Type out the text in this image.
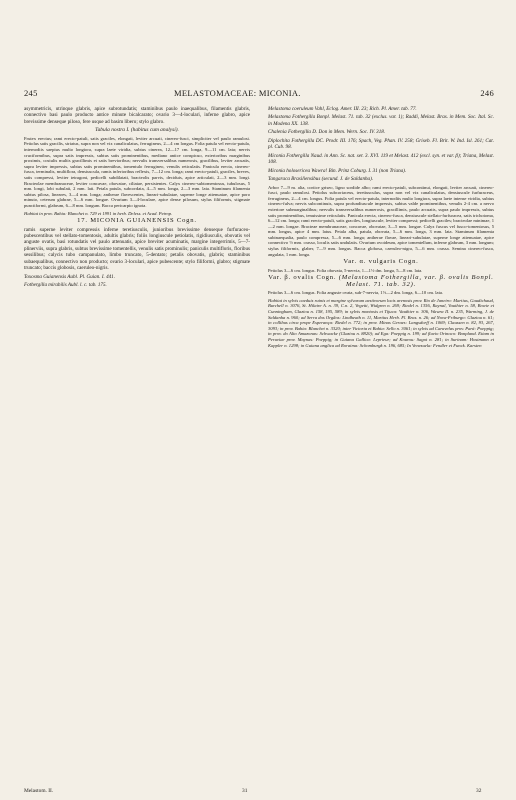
245	MELASTOMACEAE: MICONIA.	246

asymmetricis, utrinque glabris, apice subrotundatis; staminibus paulo inaequalibus, filamentis glabris, connectivo basi paulo producto antice minute bicalcarato; ovario 3—4-loculari, inferne glabro, apice brevissime denseque piloso, fere usque ad basim libero; stylo glabro.

Tabula nostra I. (habitus cum analysi).

Frutex erectus; rami erecto-patuli, satis graciles, elongati, leviter arcuati, cinereo-fusci, simpliciter vel paulo ramulosi. Petiolus satis gracilis, striatus, supra non vel vix canaliculatus, ferrugineus, 2—4 cm longus. Folia patula vel erecto-patula, internodiis saepius multo longiora, supra laete viridia, subtus cinerea, 12—17 cm. longa, 9—11 cm. lata; nervis cruciformibus, supra satis impressis, subtus satis prominentibus, mediano antice conspicuo, exterioribus marginibus proximis, costulis multis gracillimis et satis brevioribus; nervulis transversalibus numerosis, gracilibus, leviter arcuatis, supra leviter impressis, subtus satis prominentibus, tomentulo ferrugineo, venulis reticulatis. Panicula erecta, cinereo-fusca, terminalis, multiflora, densiuscula, ramis inferioribus reflexis, 7—12 cm. longa; rami erecto-patuli, graciles, breves, satis compressi, leviter tetragoni, pedicelli subdilatati, bracteolis parvis, deciduis, apice articulati, 2—3 mm. longi. Bracteolae membranaceae, leviter concavae, obovatae, ciliatae, persistentes. Calyx cinereo-subtomentosus, tubulosus, 5 mm. longi, lobi subulati, 2 mm. lati. Petala patula, subcordata, 4—5 mm. longa, 2—3 mm. lata. Staminum filamenta subtus pilosa, lineares, 3—4 mm. longa; antherae flavescentes, lineari-subulatae, superne longe attenuatae, apice poro minuto, ceterum glabrae, 5—6 mm. longae. Ovarium 3—4-loculare, apice dense pilosum, stylus filiformis, stigmate punctiformi, glabrum, 6—8 mm. longum. Bacca pericarpio ignota.

Habitat in prov. Bahia: Blanchet n. 729 et 1991 in herb. Deless. et Acad. Petrop.

17. MICONIA GUIANENSIS Cogn.

ramis superne leviter compressis inferne teretiusculis, junioribus brevissime denseque furfuraceo-pubescentibus vel stellato-tomentosis, adultis glabris; foliis longiuscule petiolatis, rigidiusculis, obovatis vel anguste ovatis, basi rotundatis vel paulo attenuatis, apice breviter acuminatis, margine integerrimis, 5—7-plinerviis, supra glabris, subtus brevissime tomentellis, venulis satis prominulis; paniculis multifloris, floribus sessilibus; calycis tubo campanulato, limbo truncato, 5-dentato; petalis obovatis, glabris; staminibus subaequalibus, connectivo non producto; ovario 3-loculari, apice pubescente; stylo filiformi, glabro; stigmate truncato; baccis globosis, caeruleo-nigris.

Toxosma Guianensis Aubl. Pl. Guian. I. 441.

Fothergilla mirabilis Aubl. l. c. tab. 175.

Melastoma coeruleum Vahl, Eclog. Amer. III. 23; Rich. Pl. Amer. tab. 77.

Melastoma Fothergilla Bonpl. Melast. 71. tab. 32 (exclus. var. 1); Raddi, Melast. Bras. in Mem. Soc. Ital. Sc. in Modena XX. 138.

Chalenia Fothergilla D. Don in Mem. Wern. Soc. IV. 318.

Diplochita Fothergilla DC. Prodr. III. 176; Spach, Veg. Phan. IV. 258; Griseb. Fl. Brit. W. Ind. Isl. 261; Cat. pl. Cub. 98.

Miconia Fothergilla Naud. in Ann. Sc. nat. ser. 3. XVI. 119 et Melast. 412 (excl. syn. et var. β); Triana, Melast. 108.

Miconia holosericea Wawra! Bin. Prinz Coburg. I. 31 (non Triana).

Tangaraca Brasiliensibus (secund. J. de Saldanha).

Arbor 7—9 m. alta, cortice griseo, ligno sordide albo; rami erecto-patuli, subcontinui, elongati, leviter arcuati, cinereo-fusci, paulo ramulosi. Petiolus subcoriaceus, teretiusculus, supra non vel vix canaliculatus, densiuscule furfuraceus, ferrugineus, 2—4 cm. longus. Folia patula vel erecto-patula, internodiis multo longiora, supra laete intense viridia, subtus cinereo-fulva; nervis subcontinuis, supra profundiuscule impressis, subtus valde prominentibus, venulis 2-4 cm. a nervo exteriore submarginalibus; nervulis transversalibus numerosis, gracillimis, paulo arcuatis, supra paulo impressis, subtus satis prominentibus, tenuissime reticulatis. Panicula erecta, cinereo-fusca, densiuscule stellato-furfuracea, satis trichotoma, 6—12 cm. longa; rami erecto-patuli, satis graciles, longiuscule, leviter compressi; pedicelli graciles; bracteolae minimae, 1—2 mm. longae. Bracteae membranaceae, concavae, obovatae, 3—5 mm. longae. Calyx fuscus vel fusco-tomentosus, 5 mm. longus, apice 4 mm. latus. Petala alba, patula, obovata, 5—6 mm. longa, 3 mm. lata. Staminum filamenta subinaequalia, paulo compressa, 5—6 mm. longa; antherae flavae, lineari-subulatae, superne longe attenuatae, apice connectivo ½ mm. crasso, loculis satis undulatis. Ovarium ovoideum, apice tomentellum, inferne glabrum, 3 mm. longum; stylus filiformis, glaber, 7—9 mm. longus. Bacca globosa, caeruleo-nigra, 5—6 mm. crassa. Semina cinereo-fusca, angulata, 1 mm. longa.

Var. α. vulgaris Cogn.

Petiolus 3—6 cm. longus. Folia obovata, 5-nervia, 1—1½ dm. longa, 5—8 cm. lata.

Var. β. ovalis Cogn. (Melastoma Fothergilla, var. β. ovalis Bonpl. Melast. 71. tab. 32).

Petiolus 3—6 cm. longus. Folia anguste ovata, sub-7-nervia, 1½—2 dm. longa, 6—10 cm. lata.

Habitat in sylvis caeduis ruinis et margine sylvarum aestivorum locis arenosis prov. Rio de Janeiro: Martius, Gaudichaud, Burchell n. 3076, St. Hilaire A. n. 39, C.n. 2, Vegetti, Widgren n. 269; Riedel n. 1356, Raynal, Vauthier n. 58, Bowie et Cunningham, Glaziou n. 158, 195, 589; in sylvis montosis et Tijuca: Vauthier n. 306, Wawra II. n. 235, Warming, J. de Saldanha n. 960; ad Serra dos Orgãos: Lindheath n. 11, Martius Herb. Fl. Bras. n. 26; ad Nova-Friburgo: Glaziou n. 61; in collibus circa prope Esperança: Riedel n. 772; in prov. Minas Geraes: Langsdorff n. 1069; Claussen n. 82, 93, 267, 3093; in prov. Bahia: Blanchet n. 3320; inter Victoria et Bahia: Sello n. 3061; in sylvis ad Caravelas prov. Pará: Poeppig; in prov. do Alto Amazonas: Schwacke (Glaziou n. 8820); ad Ega: Poeppig n. 199; ad fluvio Orinoco: Bonpland. Etiam in Peruviae prov. Maynas: Poeppig; in Guiana Gallica: Leprieur; ad Kourou: Sagot n. 281; in Surinam: Hostmann et Kappler n. 1298; in Guiana anglica ad Roraima: Schomburgk n. 196, 685; In Venezuela: Fendler et Funck. Karsten

Melastom. II.	31	32
